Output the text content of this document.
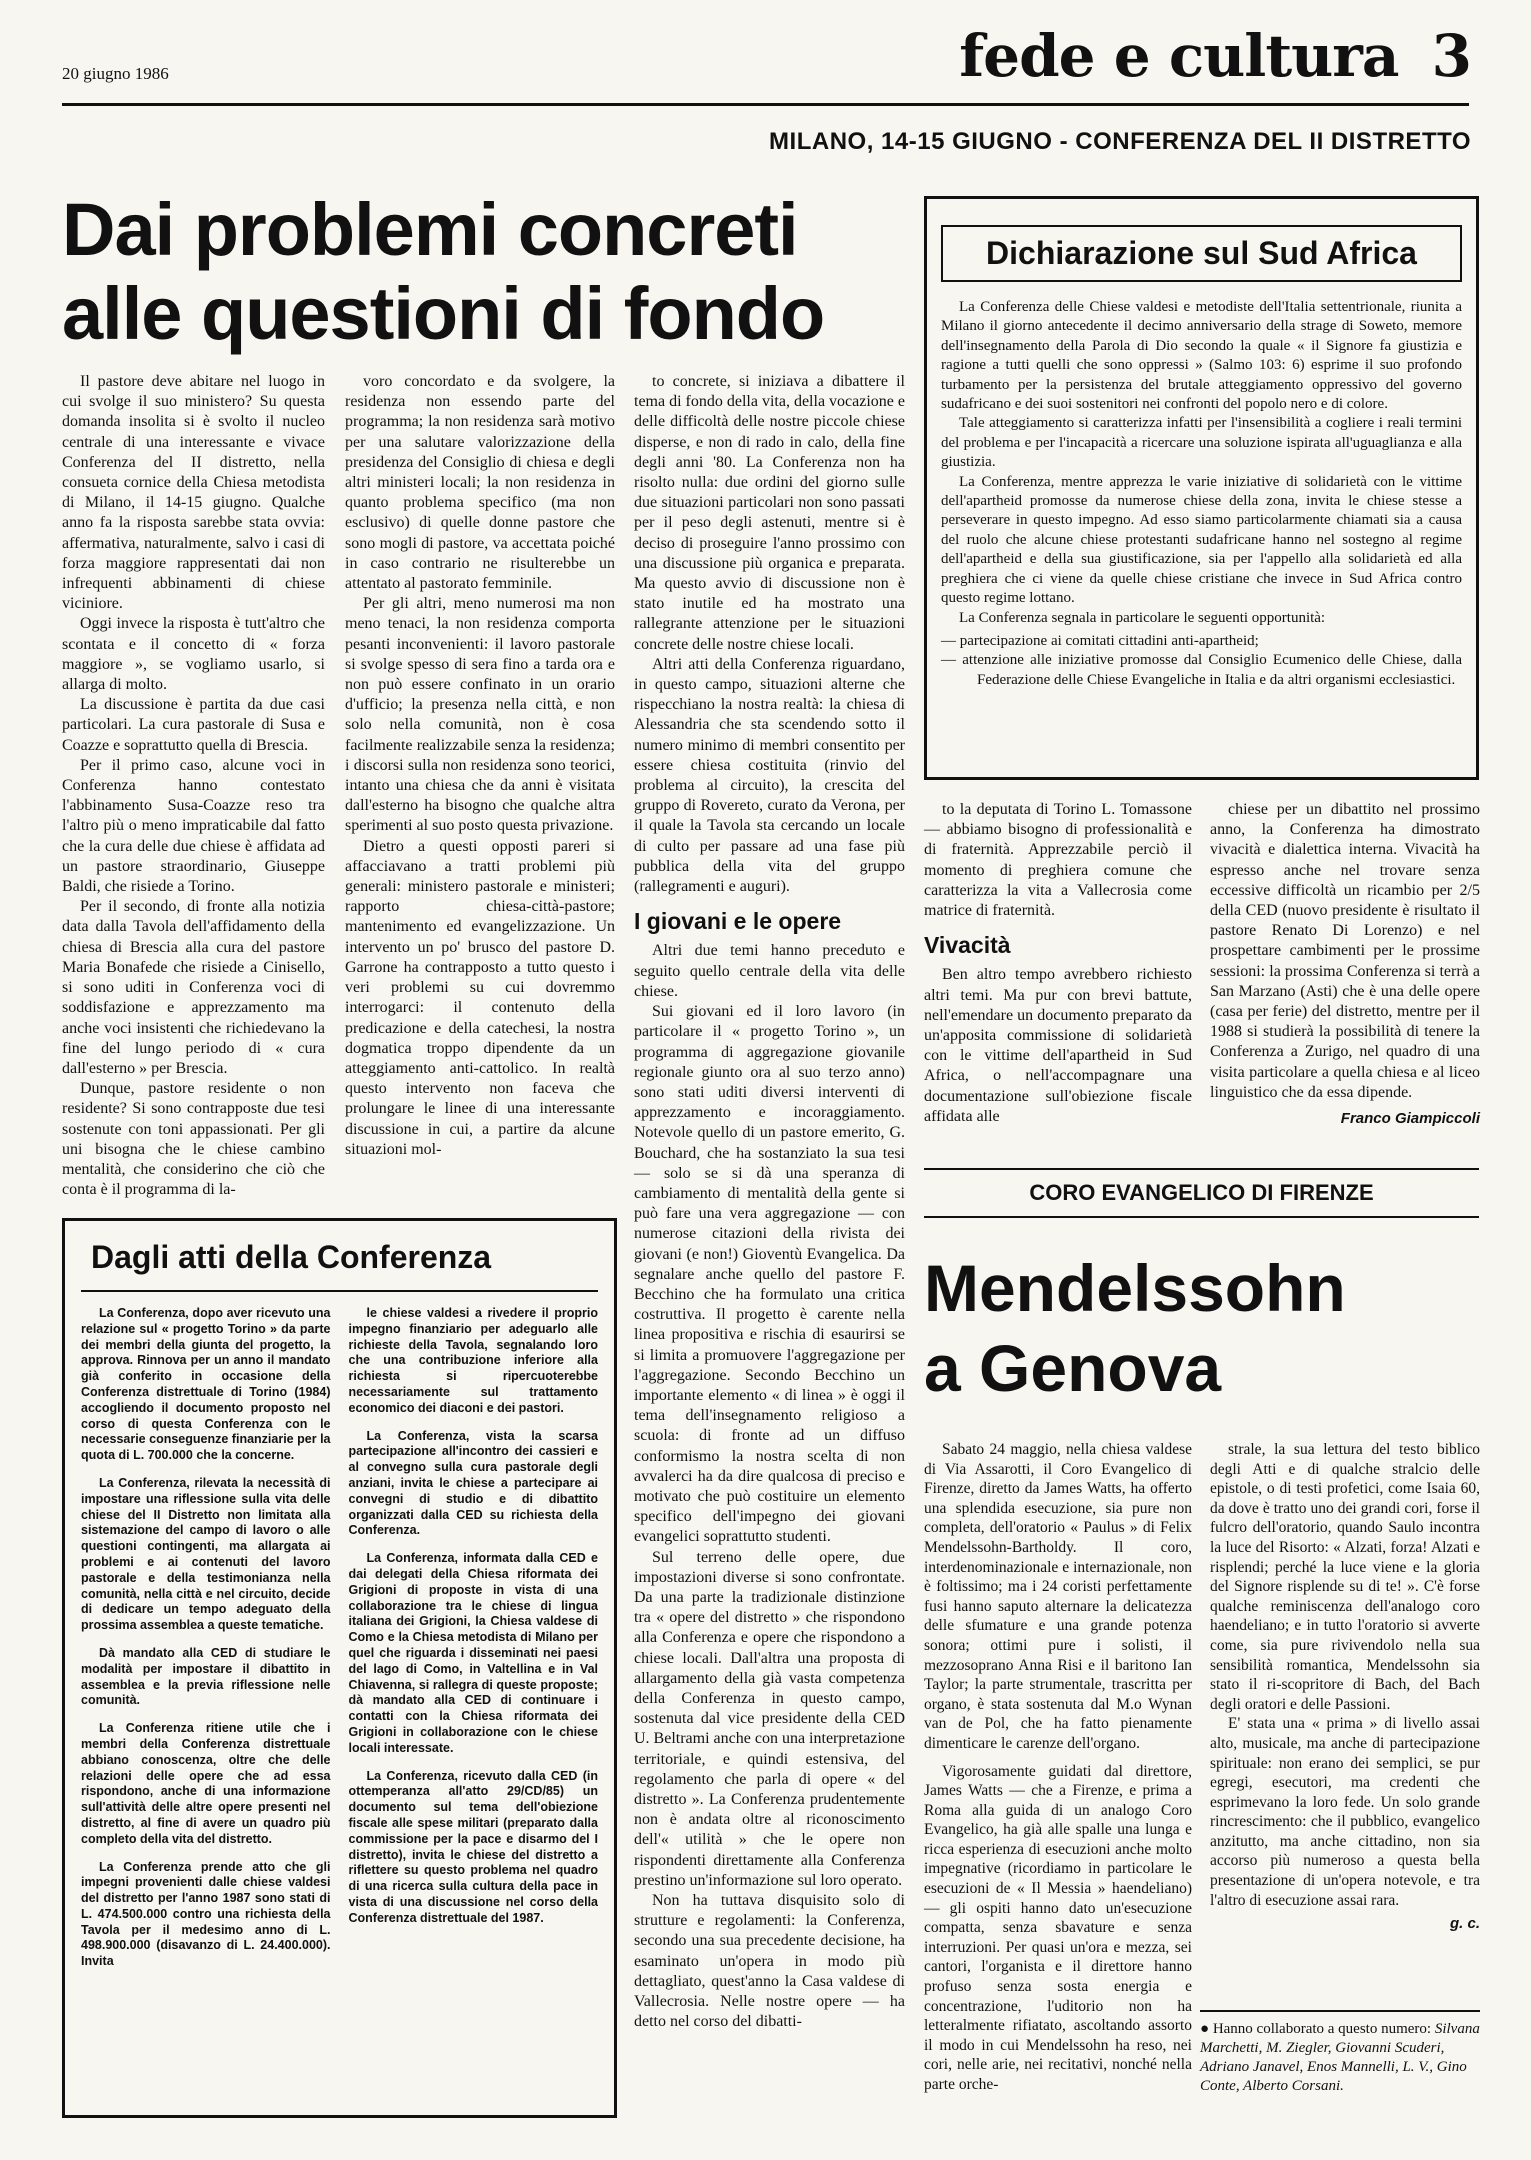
20 giugno 1986	fede e cultura 3
MILANO, 14-15 GIUGNO - CONFERENZA DEL II DISTRETTO
Dai problemi concreti
alle questioni di fondo

Il pastore deve abitare nel luogo in cui svolge il suo ministero? Su questa domanda insolita si è svolto il nucleo centrale di una interessante e vivace Conferenza del II distretto, nella consueta cornice della Chiesa metodista di Milano, il 14-15 giugno. Qualche anno fa la risposta sarebbe stata ovvia: affermativa, naturalmente, salvo i casi di forza maggiore rappresentati dai non infrequenti abbinamenti di chiese viciniore.

Oggi invece la risposta è tutt'altro che scontata e il concetto di « forza maggiore », se vogliamo usarlo, si allarga di molto.

La discussione è partita da due casi particolari. La cura pastorale di Susa e Coazze e soprattutto quella di Brescia.

Per il primo caso, alcune voci in Conferenza hanno contestato l'abbinamento Susa-Coazze reso tra l'altro più o meno impraticabile dal fatto che la cura delle due chiese è affidata ad un pastore straordinario, Giuseppe Baldi, che risiede a Torino.

Per il secondo, di fronte alla notizia data dalla Tavola dell'affidamento della chiesa di Brescia alla cura del pastore Maria Bonafede che risiede a Cinisello, si sono uditi in Conferenza voci di soddisfazione e apprezzamento ma anche voci insistenti che richiedevano la fine del lungo periodo di « cura dall'esterno » per Brescia.

Dunque, pastore residente o non residente? Si sono contrapposte due tesi sostenute con toni appassionati. Per gli uni bisogna che le chiese cambino mentalità, che considerino che ciò che conta è il programma di la-

voro concordato e da svolgere, la residenza non essendo parte del programma; la non residenza sarà motivo per una salutare valorizzazione della presidenza del Consiglio di chiesa e degli altri ministeri locali; la non residenza in quanto problema specifico (ma non esclusivo) di quelle donne pastore che sono mogli di pastore, va accettata poiché in caso contrario ne risulterebbe un attentato al pastorato femminile.

Per gli altri, meno numerosi ma non meno tenaci, la non residenza comporta pesanti inconvenienti: il lavoro pastorale si svolge spesso di sera fino a tarda ora e non può essere confinato in un orario d'ufficio; la presenza nella città, e non solo nella comunità, non è cosa facilmente realizzabile senza la residenza; i discorsi sulla non residenza sono teorici, intanto una chiesa che da anni è visitata dall'esterno ha bisogno che qualche altra sperimenti al suo posto questa privazione.

Dietro a questi opposti pareri si affacciavano a tratti problemi più generali: ministero pastorale e ministeri; rapporto chiesa-città-pastore; mantenimento ed evangelizzazione. Un intervento un po' brusco del pastore D. Garrone ha contrapposto a tutto questo i veri problemi su cui dovremmo interrogarci: il contenuto della predicazione e della catechesi, la nostra dogmatica troppo dipendente da un atteggiamento anti-cattolico. In realtà questo intervento non faceva che prolungare le linee di una interessante discussione in cui, a partire da alcune situazioni mol-

to concrete, si iniziava a dibattere il tema di fondo della vita, della vocazione e delle difficoltà delle nostre piccole chiese disperse, e non di rado in calo, della fine degli anni '80. La Conferenza non ha risolto nulla: due ordini del giorno sulle due situazioni particolari non sono passati per il peso degli astenuti, mentre si è deciso di proseguire l'anno prossimo con una discussione più organica e preparata. Ma questo avvio di discussione non è stato inutile ed ha mostrato una rallegrante attenzione per le situazioni concrete delle nostre chiese locali.

Altri atti della Conferenza riguardano, in questo campo, situazioni alterne che rispecchiano la nostra realtà: la chiesa di Alessandria che sta scendendo sotto il numero minimo di membri consentito per essere chiesa costituita (rinvio del problema al circuito), la crescita del gruppo di Rovereto, curato da Verona, per il quale la Tavola sta cercando un locale di culto per passare ad una fase più pubblica della vita del gruppo (rallegramenti e auguri).

I giovani e le opere

Altri due temi hanno preceduto e seguito quello centrale della vita delle chiese.

Sui giovani ed il loro lavoro (in particolare il « progetto Torino », un programma di aggregazione giovanile regionale giunto ora al suo terzo anno) sono stati uditi diversi interventi di apprezzamento e incoraggiamento. Notevole quello di un pastore emerito, G. Bouchard, che ha sostanziato la sua tesi — solo se si dà una speranza di cambiamento di mentalità della gente si può fare una vera aggregazione — con numerose citazioni della rivista dei giovani (e non!) Gioventù Evangelica. Da segnalare anche quello del pastore F. Becchino che ha formulato una critica costruttiva. Il progetto è carente nella linea propositiva e rischia di esaurirsi se si limita a promuovere l'aggregazione per l'aggregazione. Secondo Becchino un importante elemento « di linea » è oggi il tema dell'insegnamento religioso a scuola: di fronte ad un diffuso conformismo la nostra scelta di non avvalerci ha da dire qualcosa di preciso e motivato che può costituire un elemento specifico dell'impegno dei giovani evangelici soprattutto studenti.

Sul terreno delle opere, due impostazioni diverse si sono confrontate. Da una parte la tradizionale distinzione tra « opere del distretto » che rispondono alla Conferenza e opere che rispondono a chiese locali. Dall'altra una proposta di allargamento della già vasta competenza della Conferenza in questo campo, sostenuta dal vice presidente della CED U. Beltrami anche con una interpretazione territoriale, e quindi estensiva, del regolamento che parla di opere « del distretto ». La Conferenza prudentemente non è andata oltre al riconoscimento dell'« utilità » che le opere non rispondenti direttamente alla Conferenza prestino un'informazione sul loro operato.

Non ha tuttava disquisito solo di strutture e regolamenti: la Conferenza, secondo una sua precedente decisione, ha esaminato un'opera in modo più dettagliato, quest'anno la Casa valdese di Vallecrosia. Nelle nostre opere — ha detto nel corso del dibatti-

to la deputata di Torino L. Tomassone — abbiamo bisogno di professionalità e di fraternità. Apprezzabile perciò il momento di preghiera comune che caratterizza la vita a Vallecrosia come matrice di fraternità.

Vivacità

Ben altro tempo avrebbero richiesto altri temi. Ma pur con brevi battute, nell'emendare un documento preparato da un'apposita commissione di solidarietà con le vittime dell'apartheid in Sud Africa, o nell'accompagnare una documentazione sull'obiezione fiscale affidata alle

chiese per un dibattito nel prossimo anno, la Conferenza ha dimostrato vivacità e dialettica interna. Vivacità ha espresso anche nel trovare senza eccessive difficoltà un ricambio per 2/5 della CED (nuovo presidente è risultato il pastore Renato Di Lorenzo) e nel prospettare cambimenti per le prossime sessioni: la prossima Conferenza si terrà a San Marzano (Asti) che è una delle opere (casa per ferie) del distretto, mentre per il 1988 si studierà la possibilità di tenere la Conferenza a Zurigo, nel quadro di una visita particolare a quella chiesa e al liceo linguistico che da essa dipende.

Franco Giampiccoli
Dichiarazione sul Sud Africa

La Conferenza delle Chiese valdesi e metodiste dell'Italia settentrionale, riunita a Milano il giorno antecedente il decimo anniversario della strage di Soweto, memore dell'insegnamento della Parola di Dio secondo la quale « il Signore fa giustizia e ragione a tutti quelli che sono oppressi » (Salmo 103: 6) esprime il suo profondo turbamento per la persistenza del brutale atteggiamento oppressivo del governo sudafricano e dei suoi sostenitori nei confronti del popolo nero e di colore.

Tale atteggiamento si caratterizza infatti per l'insensibilità a cogliere i reali termini del problema e per l'incapacità a ricercare una soluzione ispirata all'uguaglianza e alla giustizia.

La Conferenza, mentre apprezza le varie iniziative di solidarietà con le vittime dell'apartheid promosse da numerose chiese della zona, invita le chiese stesse a perseverare in questo impegno. Ad esso siamo particolarmente chiamati sia a causa del ruolo che alcune chiese protestanti sudafricane hanno nel sostegno al regime dell'apartheid e della sua giustificazione, sia per l'appello alla solidarietà ed alla preghiera che ci viene da quelle chiese cristiane che invece in Sud Africa contro questo regime lottano.

La Conferenza segnala in particolare le seguenti opportunità:

— partecipazione ai comitati cittadini anti-apartheid;
— attenzione alle iniziative promosse dal Consiglio Ecumenico delle Chiese, dalla Federazione delle Chiese Evangeliche in Italia e da altri organismi ecclesiastici.
Dagli atti della Conferenza

La Conferenza, dopo aver ricevuto una relazione sul « progetto Torino » da parte dei membri della giunta del progetto, la approva. Rinnova per un anno il mandato già conferito in occasione della Conferenza distrettuale di Torino (1984) accogliendo il documento proposto nel corso di questa Conferenza con le necessarie conseguenze finanziarie per la quota di L. 700.000 che la concerne.

La Conferenza, rilevata la necessità di impostare una riflessione sulla vita delle chiese del II Distretto non limitata alla sistemazione del campo di lavoro o alle questioni contingenti, ma allargata ai problemi e ai contenuti del lavoro pastorale e della testimonianza nella comunità, nella città e nel circuito, decide di dedicare un tempo adeguato della prossima assemblea a queste tematiche.

Dà mandato alla CED di studiare le modalità per impostare il dibattito in assemblea e la previa riflessione nelle comunità.

La Conferenza ritiene utile che i membri della Conferenza distrettuale abbiano conoscenza, oltre che delle relazioni delle opere che ad essa rispondono, anche di una informazione sull'attività delle altre opere presenti nel distretto, al fine di avere un quadro più completo della vita del distretto.

La Conferenza prende atto che gli impegni provenienti dalle chiese valdesi del distretto per l'anno 1987 sono stati di L. 474.500.000 contro una richiesta della Tavola per il medesimo anno di L. 498.900.000 (disavanzo di L. 24.400.000). Invita

le chiese valdesi a rivedere il proprio impegno finanziario per adeguarlo alle richieste della Tavola, segnalando loro che una contribuzione inferiore alla richiesta si ripercuoterebbe necessariamente sul trattamento economico dei diaconi e dei pastori.

La Conferenza, vista la scarsa partecipazione all'incontro dei cassieri e al convegno sulla cura pastorale degli anziani, invita le chiese a partecipare ai convegni di studio e di dibattito organizzati dalla CED su richiesta della Conferenza.

La Conferenza, informata dalla CED e dai delegati della Chiesa riformata dei Grigioni di proposte in vista di una collaborazione tra le chiese di lingua italiana dei Grigioni, la Chiesa valdese di Como e la Chiesa metodista di Milano per quel che riguarda i disseminati nei paesi del lago di Como, in Valtellina e in Val Chiavenna, si rallegra di queste proposte; dà mandato alla CED di continuare i contatti con la Chiesa riformata dei Grigioni in collaborazione con le chiese locali interessate.

La Conferenza, ricevuto dalla CED (in ottemperanza all'atto 29/CD/85) un documento sul tema dell'obiezione fiscale alle spese militari (preparato dalla commissione per la pace e disarmo del I distretto), invita le chiese del distretto a riflettere su questo problema nel quadro di una ricerca sulla cultura della pace in vista di una discussione nel corso della Conferenza distrettuale del 1987.

CORO EVANGELICO DI FIRENZE
Mendelssohn
a Genova

Sabato 24 maggio, nella chiesa valdese di Via Assarotti, il Coro Evangelico di Firenze, diretto da James Watts, ha offerto una splendida esecuzione, sia pure non completa, dell'oratorio « Paulus » di Felix Mendelssohn-Bartholdy. Il coro, interdenominazionale e internazionale, non è foltissimo; ma i 24 coristi perfettamente fusi hanno saputo alternare la delicatezza delle sfumature e una grande potenza sonora; ottimi pure i solisti, il mezzosoprano Anna Risi e il baritono Ian Taylor; la parte strumentale, trascritta per organo, è stata sostenuta dal M.o Wynan van de Pol, che ha fatto pienamente dimenticare le carenze dell'organo.

Vigorosamente guidati dal direttore, James Watts — che a Firenze, e prima a Roma alla guida di un analogo Coro Evangelico, ha già alle spalle una lunga e ricca esperienza di esecuzioni anche molto impegnative (ricordiamo in particolare le esecuzioni de « Il Messia » haendeliano) — gli ospiti hanno dato un'esecuzione compatta, senza sbavature e senza interruzioni. Per quasi un'ora e mezza, sei cantori, l'organista e il direttore hanno profuso senza sosta energia e concentrazione, l'uditorio non ha letteralmente rifiatato, ascoltando assorto il modo in cui Mendelssohn ha reso, nei cori, nelle arie, nei recitativi, nonché nella parte orche-

strale, la sua lettura del testo biblico degli Atti e di qualche stralcio delle epistole, o di testi profetici, come Isaia 60, da dove è tratto uno dei grandi cori, forse il fulcro dell'oratorio, quando Saulo incontra la luce del Risorto: « Alzati, forza! Alzati e risplendi; perché la luce viene e la gloria del Signore risplende su di te! ». C'è forse qualche reminiscenza dell'analogo coro haendeliano; e in tutto l'oratorio si avverte come, sia pure rivivendolo nella sua sensibilità romantica, Mendelssohn sia stato il ri-scopritore di Bach, del Bach degli oratori e delle Passioni.

E' stata una « prima » di livello assai alto, musicale, ma anche di partecipazione spirituale: non erano dei semplici, se pur egregi, esecutori, ma credenti che esprimevano la loro fede. Un solo grande rincrescimento: che il pubblico, evangelico anzitutto, ma anche cittadino, non sia accorso più numeroso a questa bella presentazione di un'opera notevole, e tra l'altro di esecuzione assai rara.

g. c.
● Hanno collaborato a questo numero: Silvana Marchetti, M. Ziegler, Giovanni Scuderi, Adriano Janavel, Enos Mannelli, L. V., Gino Conte, Alberto Corsani.
